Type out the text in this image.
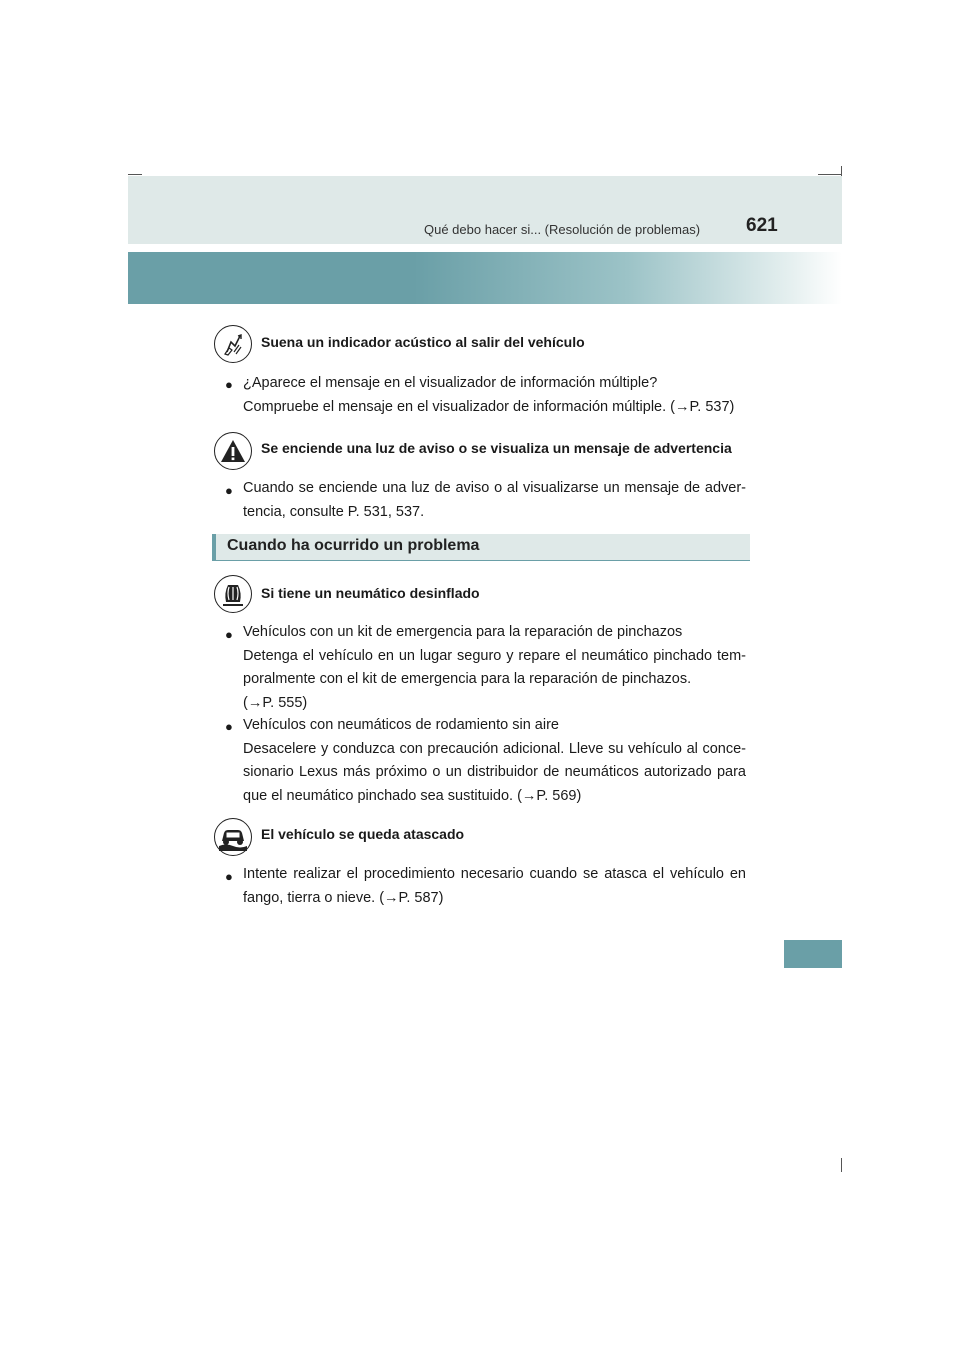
Qué debo hacer si... (Resolución de problemas) 621
Suena un indicador acústico al salir del vehículo
● ¿Aparece el mensaje en el visualizador de información múltiple?
Compruebe el mensaje en el visualizador de información múltiple. (→P. 537)
Se enciende una luz de aviso o se visualiza un mensaje de advertencia
● Cuando se enciende una luz de aviso o al visualizarse un mensaje de adver-
tencia, consulte P. 531, 537.
Cuando ha ocurrido un problema
Si tiene un neumático desinflado
● Vehículos con un kit de emergencia para la reparación de pinchazos
Detenga el vehículo en un lugar seguro y repare el neumático pinchado tem-
poralmente con el kit de emergencia para la reparación de pinchazos.
(→P. 555)
● Vehículos con neumáticos de rodamiento sin aire
Desacelere y conduzca con precaución adicional. Lleve su vehículo al conce-
sionario Lexus más próximo o un distribuidor de neumáticos autorizado para
que el neumático pinchado sea sustituido. (→P. 569)
El vehículo se queda atascado
● Intente realizar el procedimiento necesario cuando se atasca el vehículo en
fango, tierra o nieve. (→P. 587)
